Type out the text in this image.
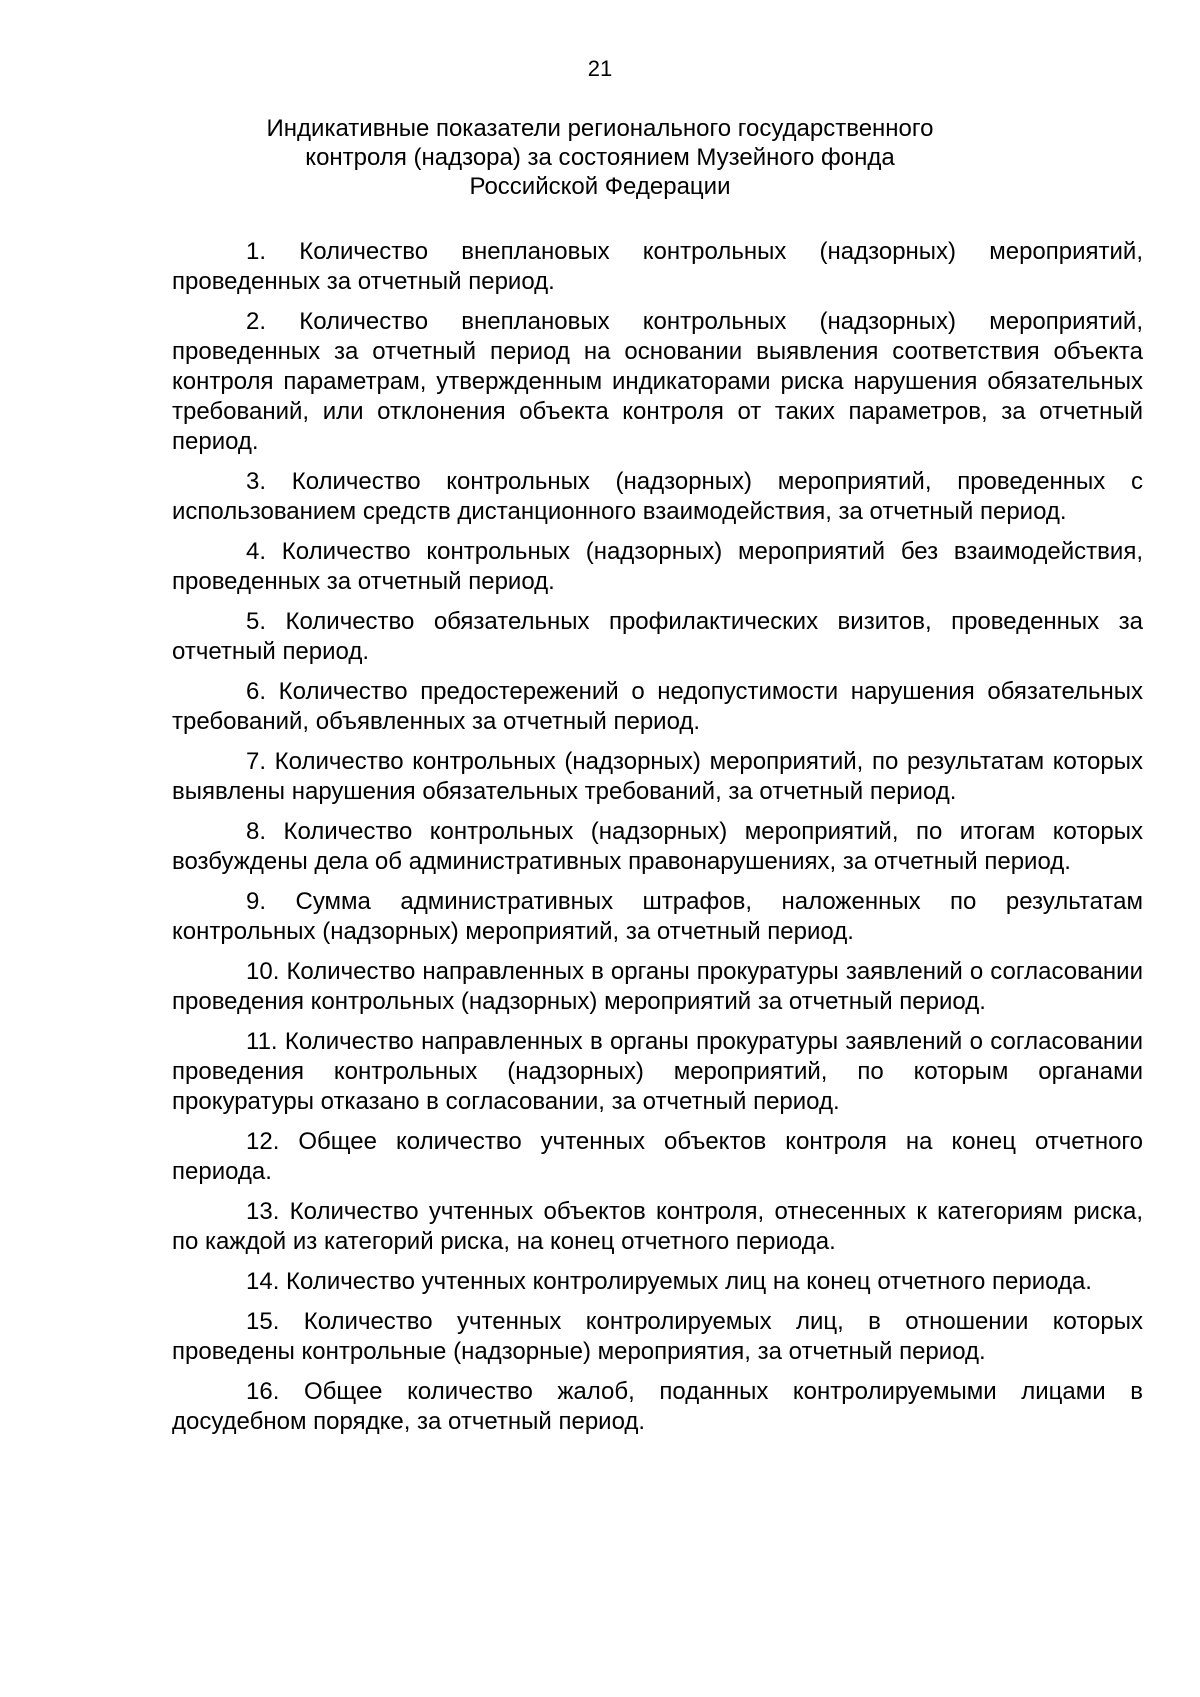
21
Индикативные показатели регионального государственного
контроля (надзора) за состоянием Музейного фонда
Российской Федерации

1. Количество внеплановых контрольных (надзорных) мероприятий, проведенных за отчетный период.

2. Количество внеплановых контрольных (надзорных) мероприятий, проведенных за отчетный период на основании выявления соответствия объекта контроля параметрам, утвержденным индикаторами риска нарушения обязательных требований, или отклонения объекта контроля от таких параметров, за отчетный период.

3. Количество контрольных (надзорных) мероприятий, проведенных с использованием средств дистанционного взаимодействия, за отчетный период.

4. Количество контрольных (надзорных) мероприятий без взаимодействия, проведенных за отчетный период.

5. Количество обязательных профилактических визитов, проведенных за отчетный период.

6. Количество предостережений о недопустимости нарушения обязательных требований, объявленных за отчетный период.

7. Количество контрольных (надзорных) мероприятий, по результатам которых выявлены нарушения обязательных требований, за отчетный период.

8. Количество контрольных (надзорных) мероприятий, по итогам которых возбуждены дела об административных правонарушениях, за отчетный период.

9. Сумма административных штрафов, наложенных по результатам контрольных (надзорных) мероприятий, за отчетный период.

10. Количество направленных в органы прокуратуры заявлений о согласовании проведения контрольных (надзорных) мероприятий за отчетный период.

11. Количество направленных в органы прокуратуры заявлений о согласовании проведения контрольных (надзорных) мероприятий, по которым органами прокуратуры отказано в согласовании, за отчетный период.

12. Общее количество учтенных объектов контроля на конец отчетного периода.

13. Количество учтенных объектов контроля, отнесенных к категориям риска, по каждой из категорий риска, на конец отчетного периода.

14. Количество учтенных контролируемых лиц на конец отчетного периода.

15. Количество учтенных контролируемых лиц, в отношении которых проведены контрольные (надзорные) мероприятия, за отчетный период.

16. Общее количество жалоб, поданных контролируемыми лицами в досудебном порядке, за отчетный период.
